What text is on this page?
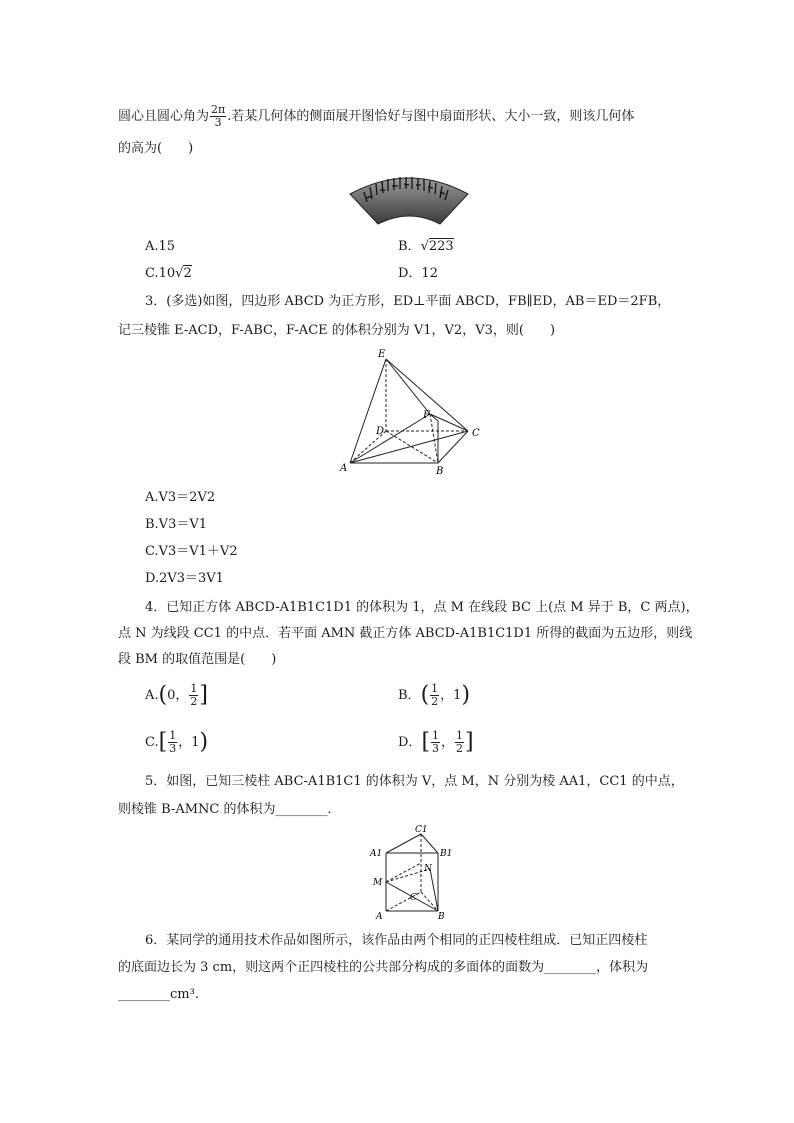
圆心且圆心角为 $\frac{2\pi}{3}$ .若某几何体的侧面展开图恰好与图中扇面形状、大小一致，则该几何体
的高为(　　)
A.15	B．√223
C.10√2	D．12
3．(多选)如图，四边形 ABCD 为正方形，ED⊥平面 ABCD，FB∥ED，AB＝ED＝2FB，
记三棱锥 E-ACD，F-ABC，F-ACE 的体积分别为 V1，V2，V3，则(　　)
E
F
D	C
A	B
A.V3＝2V2
B.V3＝V1
C.V3＝V1＋V2
D.2V3＝3V1
4．已知正方体 ABCD-A1B1C1D1 的体积为 1，点 M 在线段 BC 上(点 M 异于 B，C 两点)，
点 N 为线段 CC1 的中点．若平面 AMN 截正方体 ABCD-A1B1C1D1 所得的截面为五边形，则线
段 BM 的取值范围是(　　)
A.(0， $\frac{1}{2}$ ]	B．( $\frac{1}{2}$ ，1)
$C.[ \frac{1}{3}$ ，1)	D．[ $\frac{1}{3}$ ， $\frac{1}{2}$ ]
5．如图，已知三棱柱 ABC-A1B1C1 的体积为 V，点 M，N 分别为棱 AA1，CC1 的中点，
则棱锥 B-AMNC 的体积为________．
C1
A1	B1
N
M
C
A	B
6．某同学的通用技术作品如图所示，该作品由两个相同的正四棱柱组成．已知正四棱柱
的底面边长为 3 cm，则这两个正四棱柱的公共部分构成的多面体的面数为________，体积为
________cm³.
